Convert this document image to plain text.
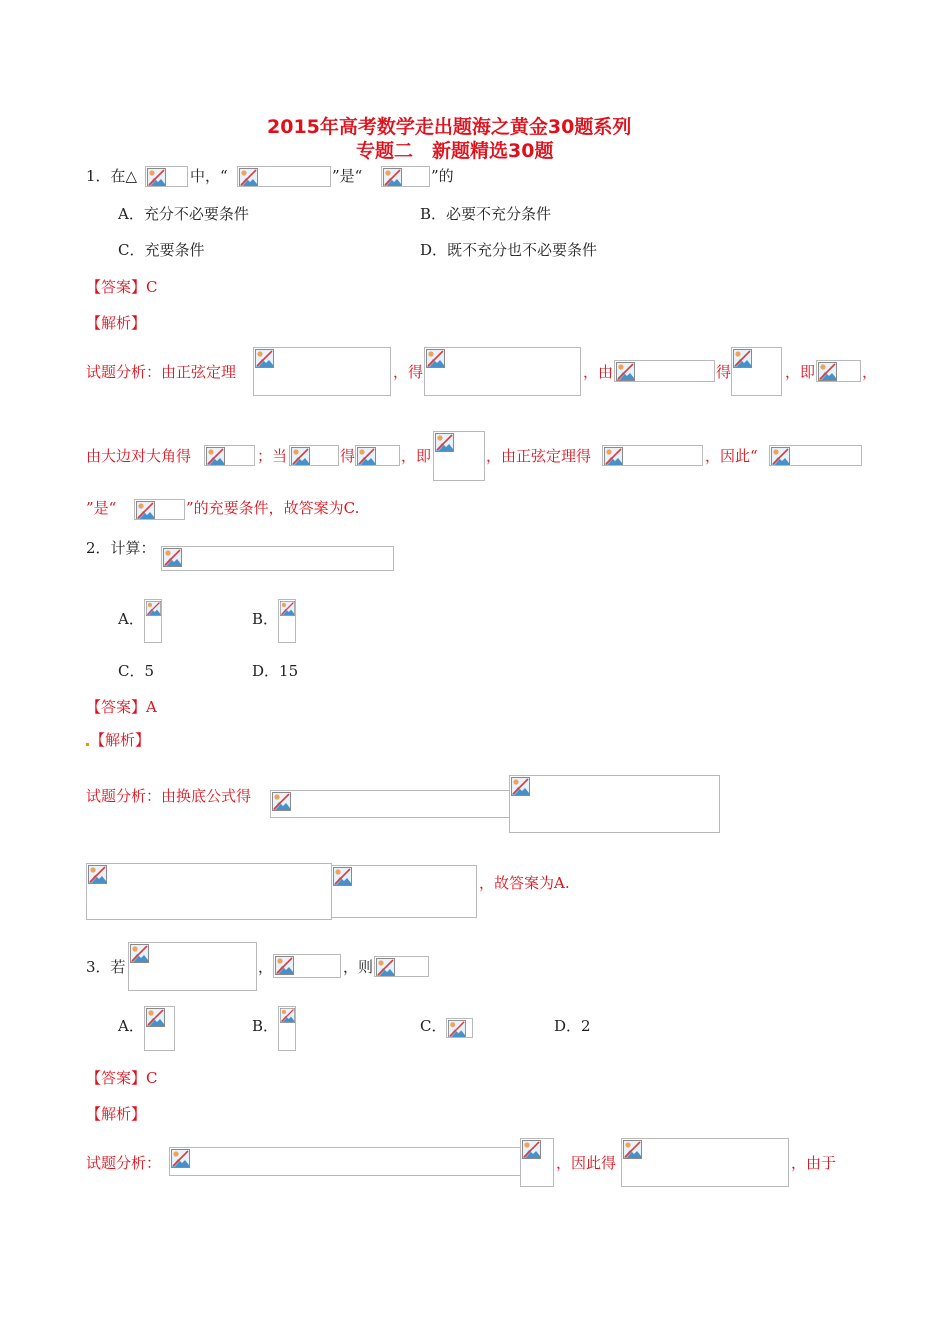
2015年高考数学走出题海之黄金30题系列
专题二　新题精选30题
1．在△	中，“	”是“	”的
A．充分不必要条件	B．必要不充分条件
C．充要条件	D．既不充分也不必要条件
【答案】C
【解析】
试题分析：由正弦定理	，得	，由	得	，即	，
由大边对大角得	；当	得	，即	，由正弦定理得	，因此“
”是“	”的充要条件，故答案为C.
2．计算：
A．	B．
C．5	D．15
【答案】A
【解析】
试题分析：由换底公式得
，故答案为A.
3．若	，	，则
A．	B．	C．	D．2
【答案】C
【解析】
试题分析：	，因此得	，由于
